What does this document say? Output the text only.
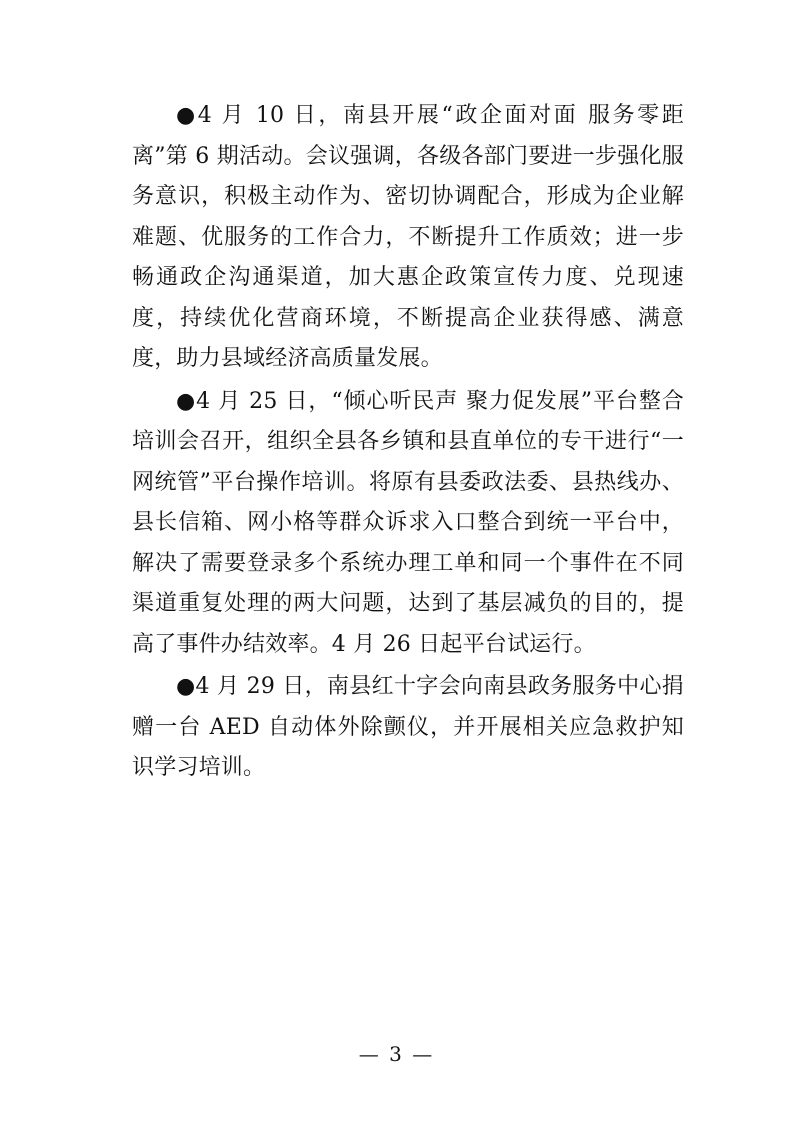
●4 月 10 日，南县开展“政企面对面 服务零距离”第 6 期活动。会议强调，各级各部门要进一步强化服务意识，积极主动作为、密切协调配合，形成为企业解难题、优服务的工作合力，不断提升工作质效；进一步畅通政企沟通渠道，加大惠企政策宣传力度、兑现速度，持续优化营商环境，不断提高企业获得感、满意度，助力县域经济高质量发展。

●4 月 25 日，“倾心听民声 聚力促发展”平台整合培训会召开，组织全县各乡镇和县直单位的专干进行“一网统管”平台操作培训。将原有县委政法委、县热线办、县长信箱、网小格等群众诉求入口整合到统一平台中，解决了需要登录多个系统办理工单和同一个事件在不同渠道重复处理的两大问题，达到了基层减负的目的，提高了事件办结效率。4 月 26 日起平台试运行。

●4 月 29 日，南县红十字会向南县政务服务中心捐赠一台 AED 自动体外除颤仪，并开展相关应急救护知识学习培训。

— 3 —
